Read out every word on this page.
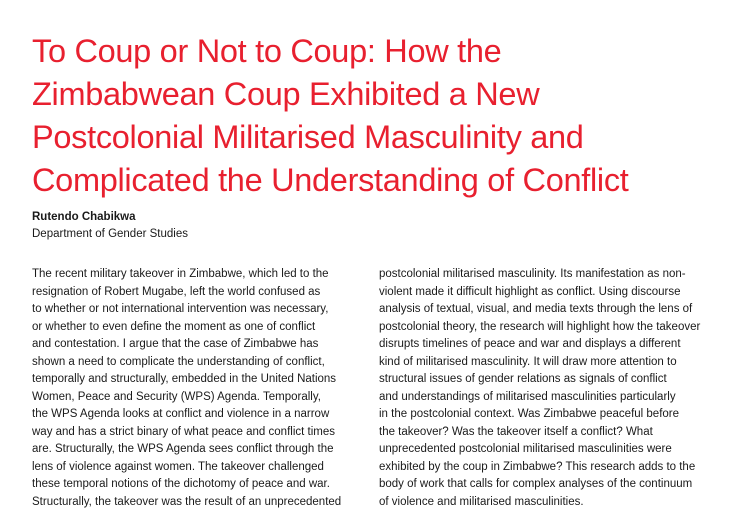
To Coup or Not to Coup: How the
Zimbabwean Coup Exhibited a New
Postcolonial Militarised Masculinity and
Complicated the Understanding of Conflict
Rutendo Chabikwa
Department of Gender Studies
The recent military takeover in Zimbabwe, which led to the
resignation of Robert Mugabe, left the world confused as
to whether or not international intervention was necessary,
or whether to even define the moment as one of conflict
and contestation. I argue that the case of Zimbabwe has
shown a need to complicate the understanding of conflict,
temporally and structurally, embedded in the United Nations
Women, Peace and Security (WPS) Agenda. Temporally,
the WPS Agenda looks at conflict and violence in a narrow
way and has a strict binary of what peace and conflict times
are. Structurally, the WPS Agenda sees conflict through the
lens of violence against women. The takeover challenged
these temporal notions of the dichotomy of peace and war.
Structurally, the takeover was the result of an unprecedented
postcolonial militarised masculinity. Its manifestation as non-
violent made it difficult highlight as conflict. Using discourse
analysis of textual, visual, and media texts through the lens of
postcolonial theory, the research will highlight how the takeover
disrupts timelines of peace and war and displays a different
kind of militarised masculinity. It will draw more attention to
structural issues of gender relations as signals of conflict
and understandings of militarised masculinities particularly
in the postcolonial context. Was Zimbabwe peaceful before
the takeover? Was the takeover itself a conflict? What
unprecedented postcolonial militarised masculinities were
exhibited by the coup in Zimbabwe? This research adds to the
body of work that calls for complex analyses of the continuum
of violence and militarised masculinities.
